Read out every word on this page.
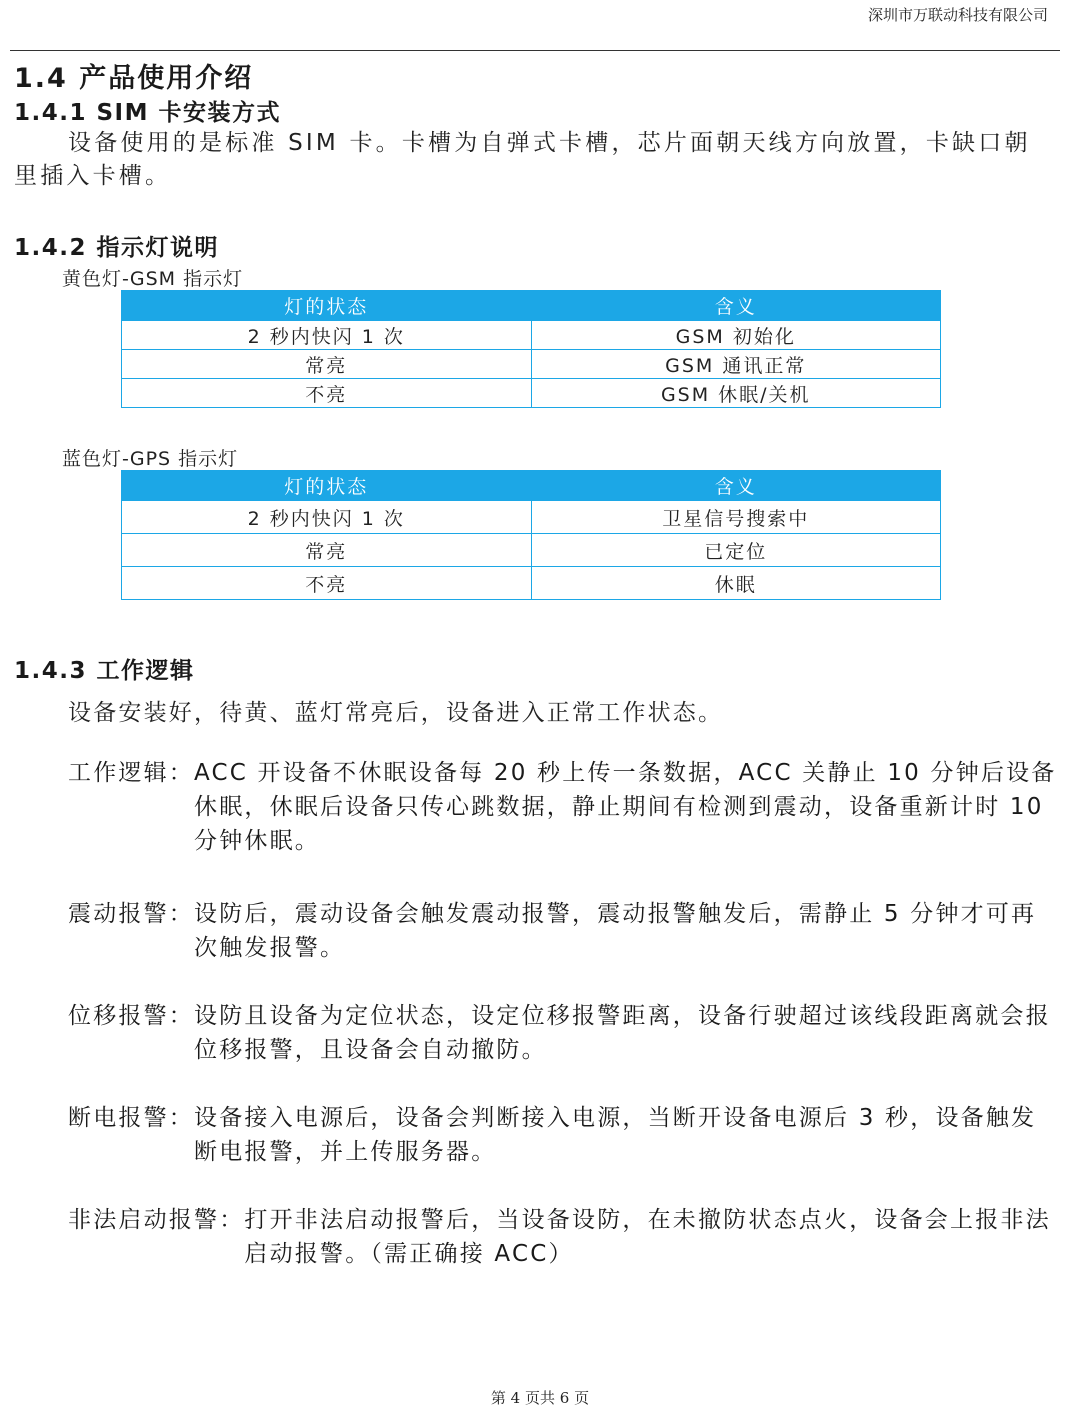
深圳市万联动科技有限公司
1.4 产品使用介绍
1.4.1 SIM 卡安装方式
设备使用的是标准 SIM 卡。卡槽为自弹式卡槽，芯片面朝天线方向放置，卡缺口朝里插入卡槽。
1.4.2 指示灯说明
黄色灯-GSM 指示灯
灯的状态	含义
2 秒内快闪 1 次	GSM 初始化
常亮	GSM 通讯正常
不亮	GSM 休眠/关机
蓝色灯-GPS 指示灯
灯的状态	含义
2 秒内快闪 1 次	卫星信号搜索中
常亮	已定位
不亮	休眠
1.4.3 工作逻辑
设备安装好，待黄、蓝灯常亮后，设备进入正常工作状态。
工作逻辑： ACC 开设备不休眠设备每 20 秒上传一条数据，ACC 关静止 10 分钟后设备休眠，休眠后设备只传心跳数据，静止期间有检测到震动，设备重新计时 10 分钟休眠。
震动报警： 设防后，震动设备会触发震动报警，震动报警触发后，需静止 5 分钟才可再次触发报警。
位移报警： 设防且设备为定位状态，设定位移报警距离，设备行驶超过该线段距离就会报位移报警，且设备会自动撤防。
断电报警： 设备接入电源后，设备会判断接入电源，当断开设备电源后 3 秒，设备触发断电报警，并上传服务器。
非法启动报警： 打开非法启动报警后，当设备设防，在未撤防状态点火，设备会上报非法启动报警。（需正确接 ACC）
第 4 页共 6 页
